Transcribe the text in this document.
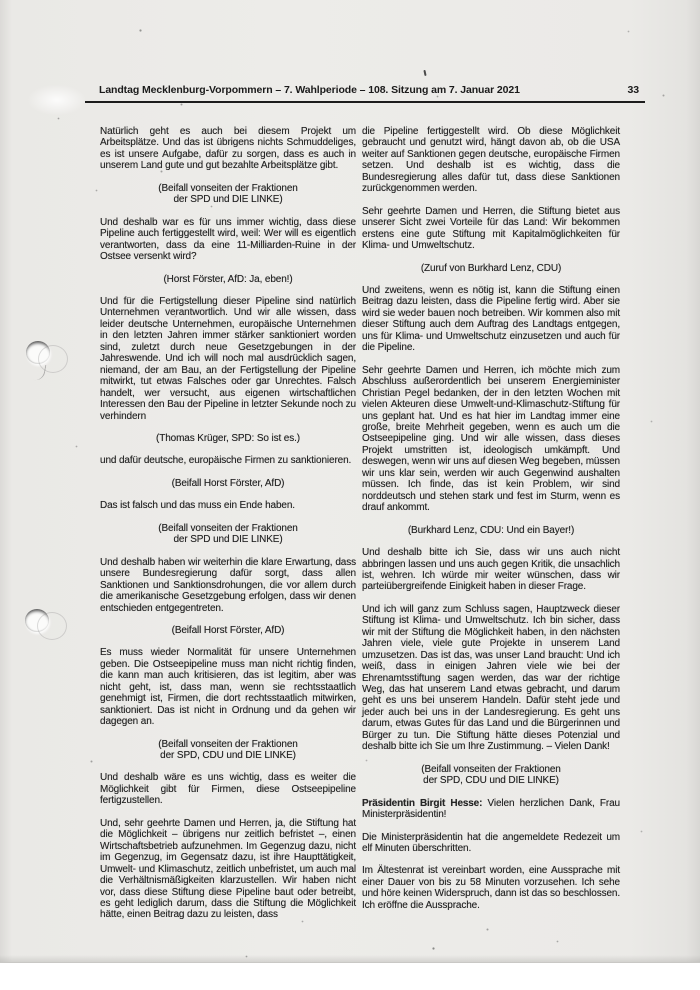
Landtag Mecklenburg-Vorpommern – 7. Wahlperiode – 108. Sitzung am 7. Januar 2021	33

Natürlich geht es auch bei diesem Projekt um Arbeitsplätze. Und das ist übrigens nichts Schmuddeliges, es ist unsere Aufgabe, dafür zu sorgen, dass es auch in unserem Land gute und gut bezahlte Arbeitsplätze gibt.

(Beifall vonseiten der Fraktionen
der SPD und DIE LINKE)

Und deshalb war es für uns immer wichtig, dass diese Pipeline auch fertiggestellt wird, weil: Wer will es eigentlich verantworten, dass da eine 11-Milliarden-Ruine in der Ostsee versenkt wird?

(Horst Förster, AfD: Ja, eben!)

Und für die Fertigstellung dieser Pipeline sind natürlich Unternehmen verantwortlich. Und wir alle wissen, dass leider deutsche Unternehmen, europäische Unternehmen in den letzten Jahren immer stärker sanktioniert worden sind, zuletzt durch neue Gesetzgebungen in der Jahreswende. Und ich will noch mal ausdrücklich sagen, niemand, der am Bau, an der Fertigstellung der Pipeline mitwirkt, tut etwas Falsches oder gar Unrechtes. Falsch handelt, wer versucht, aus eigenen wirtschaftlichen Interessen den Bau der Pipeline in letzter Sekunde noch zu verhindern

(Thomas Krüger, SPD: So ist es.)

und dafür deutsche, europäische Firmen zu sanktionieren.

(Beifall Horst Förster, AfD)

Das ist falsch und das muss ein Ende haben.

(Beifall vonseiten der Fraktionen
der SPD und DIE LINKE)

Und deshalb haben wir weiterhin die klare Erwartung, dass unsere Bundesregierung dafür sorgt, dass allen Sanktionen und Sanktionsdrohungen, die vor allem durch die amerikanische Gesetzgebung erfolgen, dass wir denen entschieden entgegentreten.

(Beifall Horst Förster, AfD)

Es muss wieder Normalität für unsere Unternehmen geben. Die Ostseepipeline muss man nicht richtig finden, die kann man auch kritisieren, das ist legitim, aber was nicht geht, ist, dass man, wenn sie rechtsstaatlich genehmigt ist, Firmen, die dort rechtsstaatlich mitwirken, sanktioniert. Das ist nicht in Ordnung und da gehen wir dagegen an.

(Beifall vonseiten der Fraktionen
der SPD, CDU und DIE LINKE)

Und deshalb wäre es uns wichtig, dass es weiter die Möglichkeit gibt für Firmen, diese Ostseepipeline fertigzustellen.

Und, sehr geehrte Damen und Herren, ja, die Stiftung hat die Möglichkeit – übrigens nur zeitlich befristet –, einen Wirtschaftsbetrieb aufzunehmen. Im Gegenzug dazu, nicht im Gegenzug, im Gegensatz dazu, ist ihre Haupttätigkeit, Umwelt- und Klimaschutz, zeitlich unbefristet, um auch mal die Verhältnismäßigkeiten klarzustellen. Wir haben nicht vor, dass diese Stiftung diese Pipeline baut oder betreibt, es geht lediglich darum, dass die Stiftung die Möglichkeit hätte, einen Beitrag dazu zu leisten, dass

die Pipeline fertiggestellt wird. Ob diese Möglichkeit gebraucht und genutzt wird, hängt davon ab, ob die USA weiter auf Sanktionen gegen deutsche, europäische Firmen setzen. Und deshalb ist es wichtig, dass die Bundesregierung alles dafür tut, dass diese Sanktionen zurückgenommen werden.

Sehr geehrte Damen und Herren, die Stiftung bietet aus unserer Sicht zwei Vorteile für das Land: Wir bekommen erstens eine gute Stiftung mit Kapitalmöglichkeiten für Klima- und Umweltschutz.

(Zuruf von Burkhard Lenz, CDU)

Und zweitens, wenn es nötig ist, kann die Stiftung einen Beitrag dazu leisten, dass die Pipeline fertig wird. Aber sie wird sie weder bauen noch betreiben. Wir kommen also mit dieser Stiftung auch dem Auftrag des Landtags entgegen, uns für Klima- und Umweltschutz einzusetzen und auch für die Pipeline.

Sehr geehrte Damen und Herren, ich möchte mich zum Abschluss außerordentlich bei unserem Energieminister Christian Pegel bedanken, der in den letzten Wochen mit vielen Akteuren diese Umwelt-und-Klimaschutz-Stiftung für uns geplant hat. Und es hat hier im Landtag immer eine große, breite Mehrheit gegeben, wenn es auch um die Ostseepipeline ging. Und wir alle wissen, dass dieses Projekt umstritten ist, ideologisch umkämpft. Und deswegen, wenn wir uns auf diesen Weg begeben, müssen wir uns klar sein, werden wir auch Gegenwind aushalten müssen. Ich finde, das ist kein Problem, wir sind norddeutsch und stehen stark und fest im Sturm, wenn es drauf ankommt.

(Burkhard Lenz, CDU: Und ein Bayer!)

Und deshalb bitte ich Sie, dass wir uns auch nicht abbringen lassen und uns auch gegen Kritik, die unsachlich ist, wehren. Ich würde mir weiter wünschen, dass wir parteiübergreifende Einigkeit haben in dieser Frage.

Und ich will ganz zum Schluss sagen, Hauptzweck dieser Stiftung ist Klima- und Umweltschutz. Ich bin sicher, dass wir mit der Stiftung die Möglichkeit haben, in den nächsten Jahren viele, viele gute Projekte in unserem Land umzusetzen. Das ist das, was unser Land braucht: Und ich weiß, dass in einigen Jahren viele wie bei der Ehrenamtsstiftung sagen werden, das war der richtige Weg, das hat unserem Land etwas gebracht, und darum geht es uns bei unserem Handeln. Dafür steht jede und jeder auch bei uns in der Landesregierung. Es geht uns darum, etwas Gutes für das Land und die Bürgerinnen und Bürger zu tun. Die Stiftung hätte dieses Potenzial und deshalb bitte ich Sie um Ihre Zustimmung. – Vielen Dank!

(Beifall vonseiten der Fraktionen
der SPD, CDU und DIE LINKE)

Präsidentin Birgit Hesse: Vielen herzlichen Dank, Frau Ministerpräsidentin!

Die Ministerpräsidentin hat die angemeldete Redezeit um elf Minuten überschritten.

Im Ältestenrat ist vereinbart worden, eine Aussprache mit einer Dauer von bis zu 58 Minuten vorzusehen. Ich sehe und höre keinen Widerspruch, dann ist das so beschlossen. Ich eröffne die Aussprache.
